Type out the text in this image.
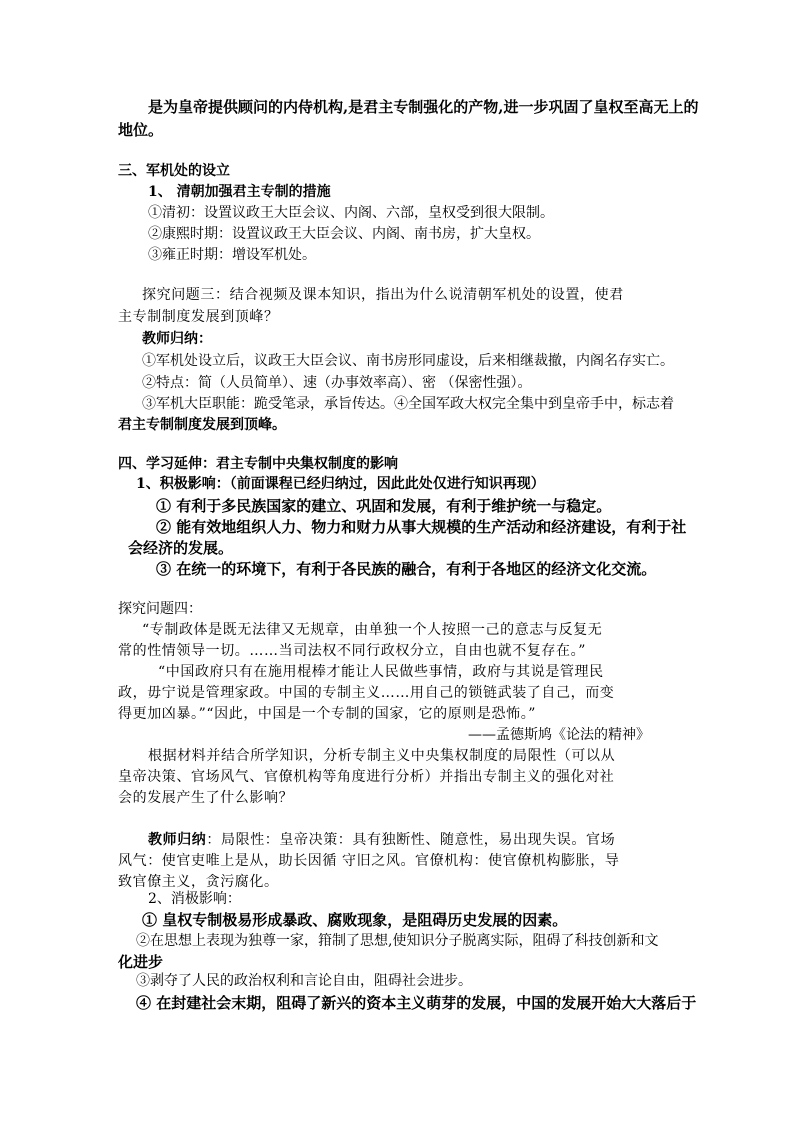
是为皇帝提供顾问的内侍机构,是君主专制强化的产物,进一步巩固了皇权至高无上的
地位。
三、军机处的设立
1、 清朝加强君主专制的措施
①清初：设置议政王大臣会议、内阁、六部，皇权受到很大限制。
②康熙时期：设置议政王大臣会议、内阁、南书房，扩大皇权。
③雍正时期：增设军机处。
探究问题三：结合视频及课本知识，指出为什么说清朝军机处的设置，使君
主专制制度发展到顶峰？
教师归纳：
①军机处设立后，议政王大臣会议、南书房形同虚设，后来相继裁撤，内阁名存实亡。
②特点：简（人员简单）、速（办事效率高）、密 （保密性强）。
③军机大臣职能：跪受笔录，承旨传达。④全国军政大权完全集中到皇帝手中，标志着
君主专制制度发展到顶峰。
四、学习延伸：君主专制中央集权制度的影响
1、积极影响：（前面课程已经归纳过，因此此处仅进行知识再现）
① 有利于多民族国家的建立、巩固和发展，有利于维护统一与稳定。
② 能有效地组织人力、物力和财力从事大规模的生产活动和经济建设，有利于社
会经济的发展。
③ 在统一的环境下，有利于各民族的融合，有利于各地区的经济文化交流。
探究问题四：
“专制政体是既无法律又无规章，由单独一个人按照一己的意志与反复无
常的性情领导一切。……当司法权不同行政权分立，自由也就不复存在。”
“中国政府只有在施用棍棒才能让人民做些事情，政府与其说是管理民
政，毋宁说是管理家政。中国的专制主义……用自己的锁链武装了自己，而变
得更加凶暴。”“因此，中国是一个专制的国家，它的原则是恐怖。”
——孟德斯鸠《论法的精神》
根据材料并结合所学知识，分析专制主义中央集权制度的局限性（可以从
皇帝决策、官场风气、官僚机构等角度进行分析）并指出专制主义的强化对社
会的发展产生了什么影响？
教师归纳：局限性：皇帝决策：具有独断性、随意性，易出现失误。官场
风气：使官吏唯上是从，助长因循 守旧之风。官僚机构：使官僚机构膨胀，导
致官僚主义，贪污腐化。
2、消极影响：
① 皇权专制极易形成暴政、腐败现象，是阻碍历史发展的因素。
②在思想上表现为独尊一家，箝制了思想,使知识分子脱离实际，阻碍了科技创新和文
化进步
③剥夺了人民的政治权利和言论自由，阻碍社会进步。
④ 在封建社会末期，阻碍了新兴的资本主义萌芽的发展，中国的发展开始大大落后于
